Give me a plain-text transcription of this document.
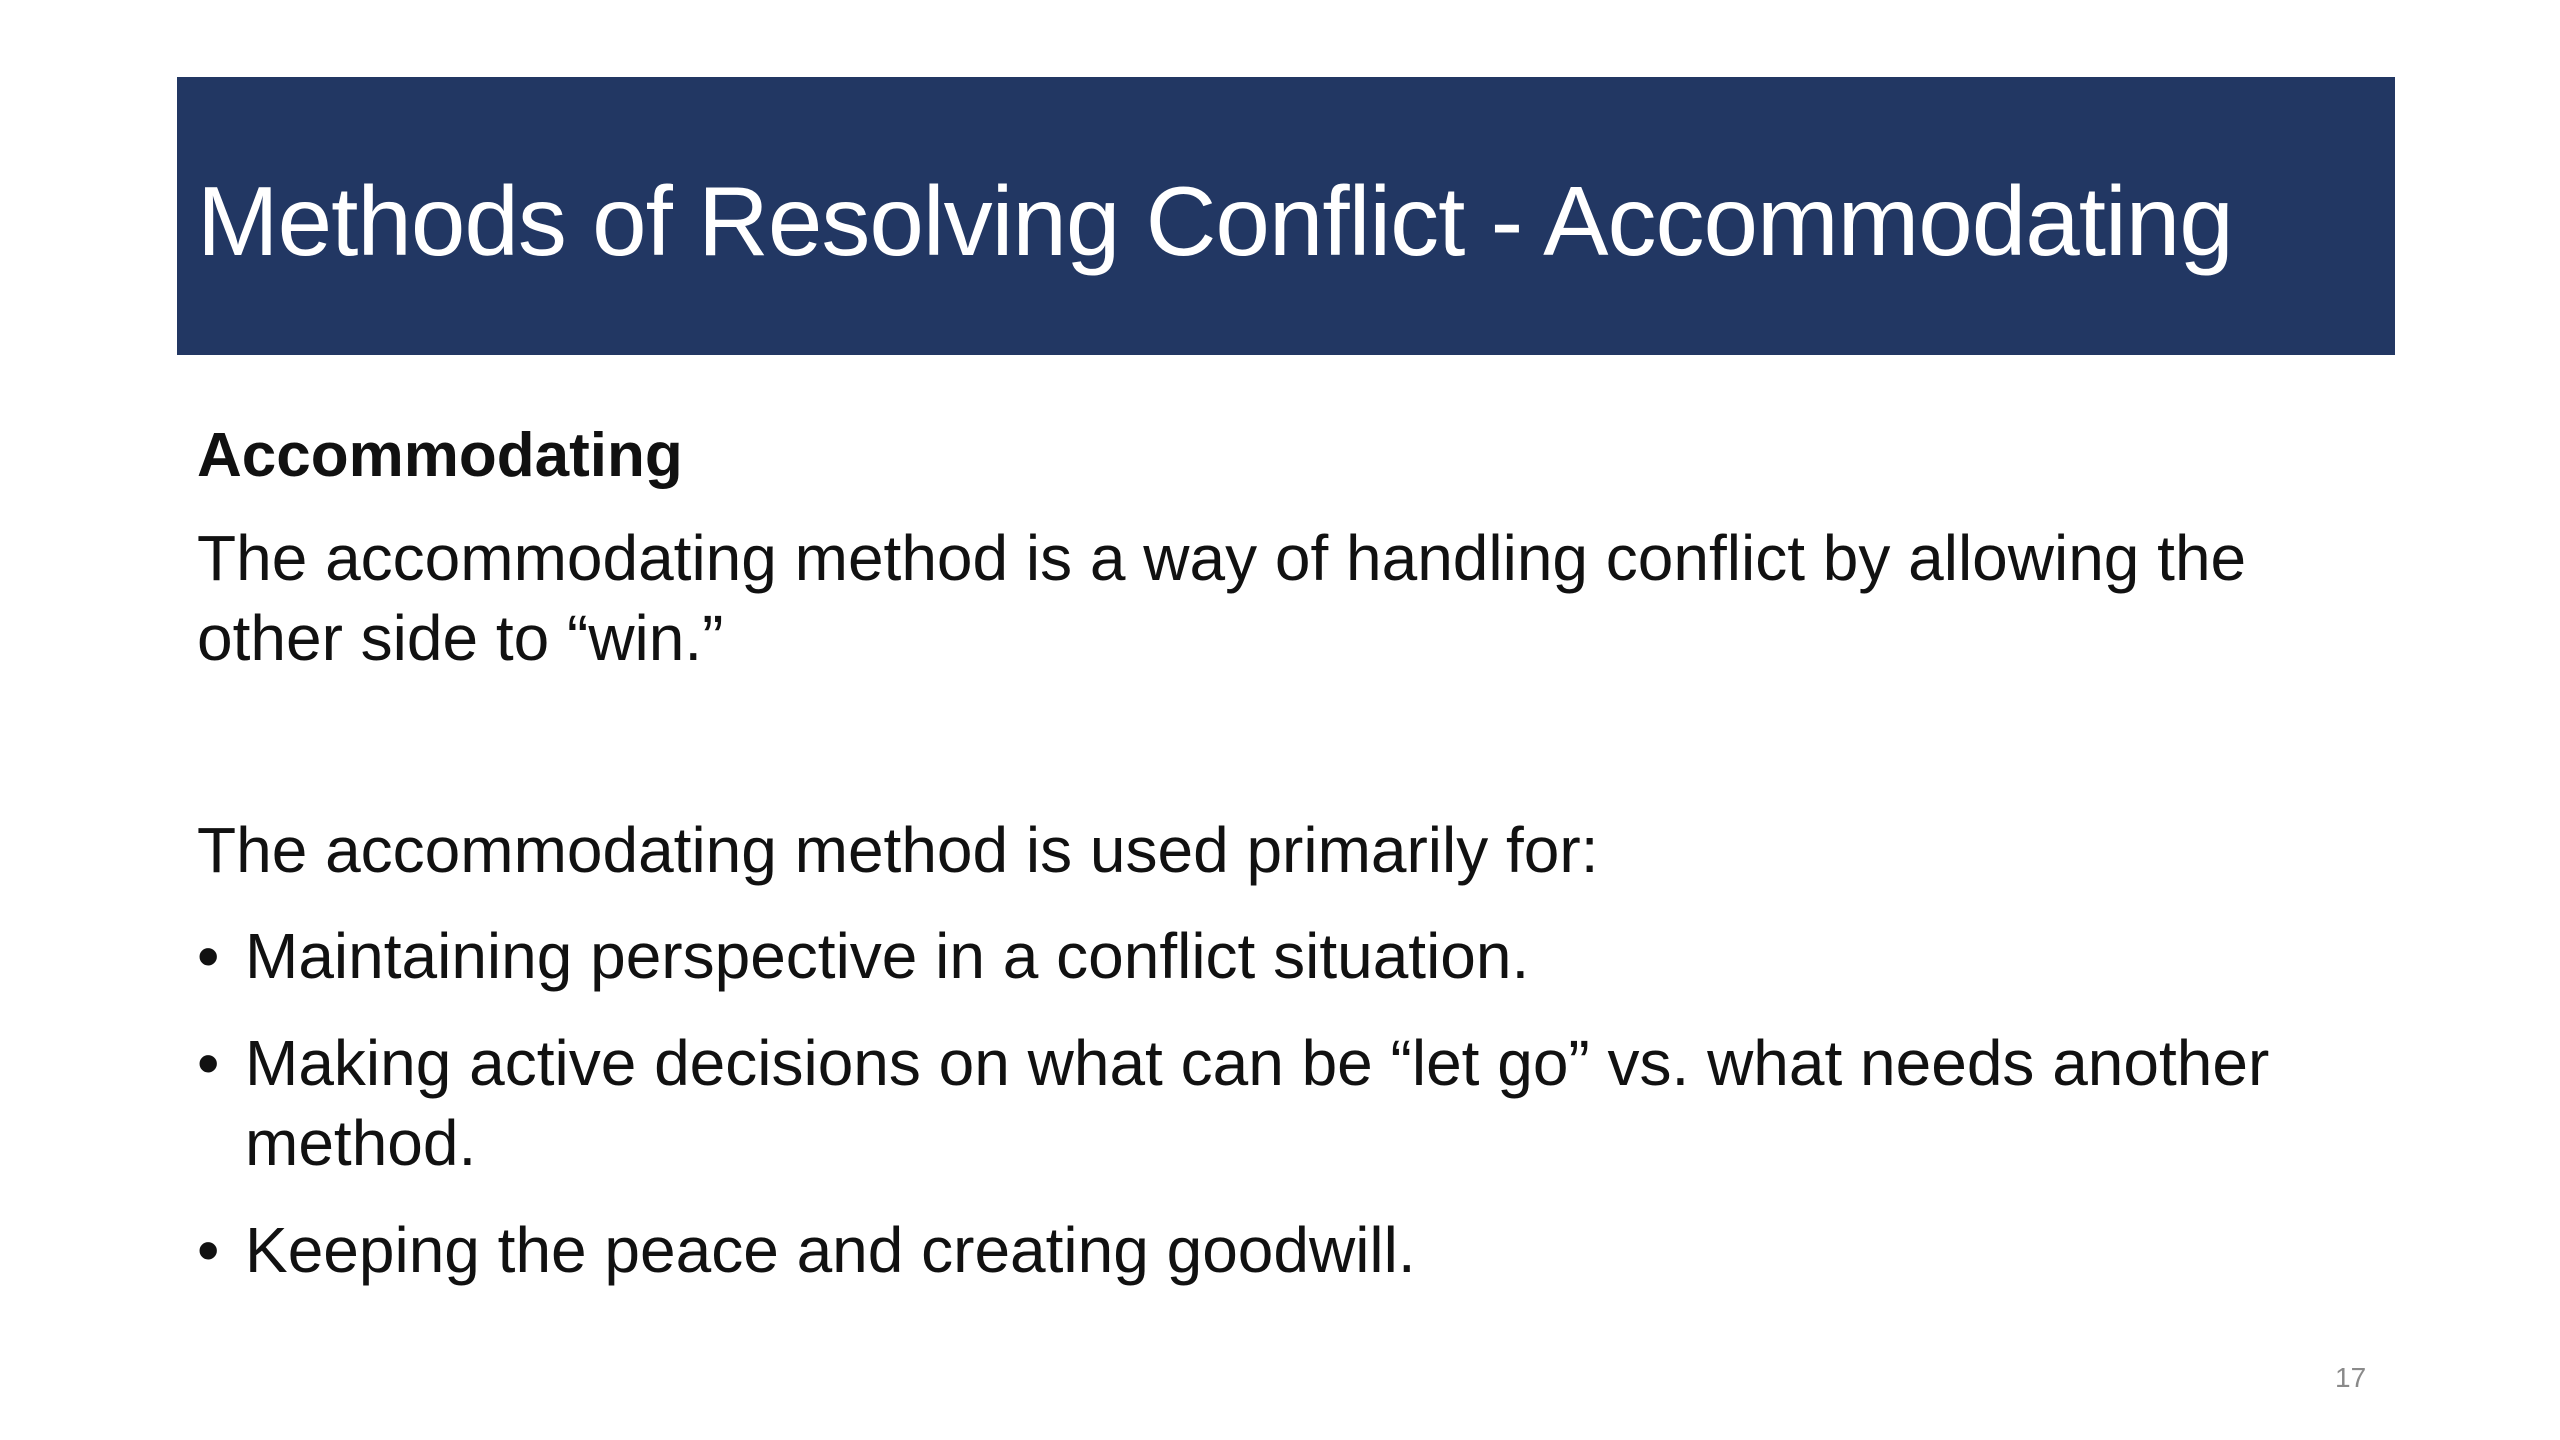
Methods of Resolving Conflict - Accommodating

Accommodating

The accommodating method is a way of handling conflict by allowing the other side to “win.”

The accommodating method is used primarily for:

• Maintaining perspective in a conflict situation.
• Making active decisions on what can be “let go” vs. what needs another method.
• Keeping the peace and creating goodwill.
17
